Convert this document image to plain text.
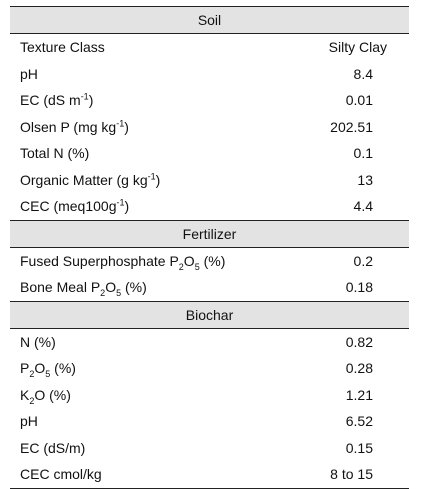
Soil	
Texture Class	Silty Clay
pH	8.4
EC (dS $m^{-1}$)	0.01
Olsen P (mg $kg^{-1}$)	202.51
Total N (%)	0.1
Organic Matter (g $kg^{-1}$)	13
CEC $(meq100g^{-1})$	4.4
Fertilizer	
Fused Superphosphate $P_2O_5$ (%)	0.2
Bone Meal $P_2O_5$ (%)	0.18
Biochar	
N (%)	0.82
$P_2O_5$ (%)	0.28
$K_2O$ (%)	1.21
pH	6.52
EC (dS/m)	0.15
CEC cmol/kg	8 to 15
